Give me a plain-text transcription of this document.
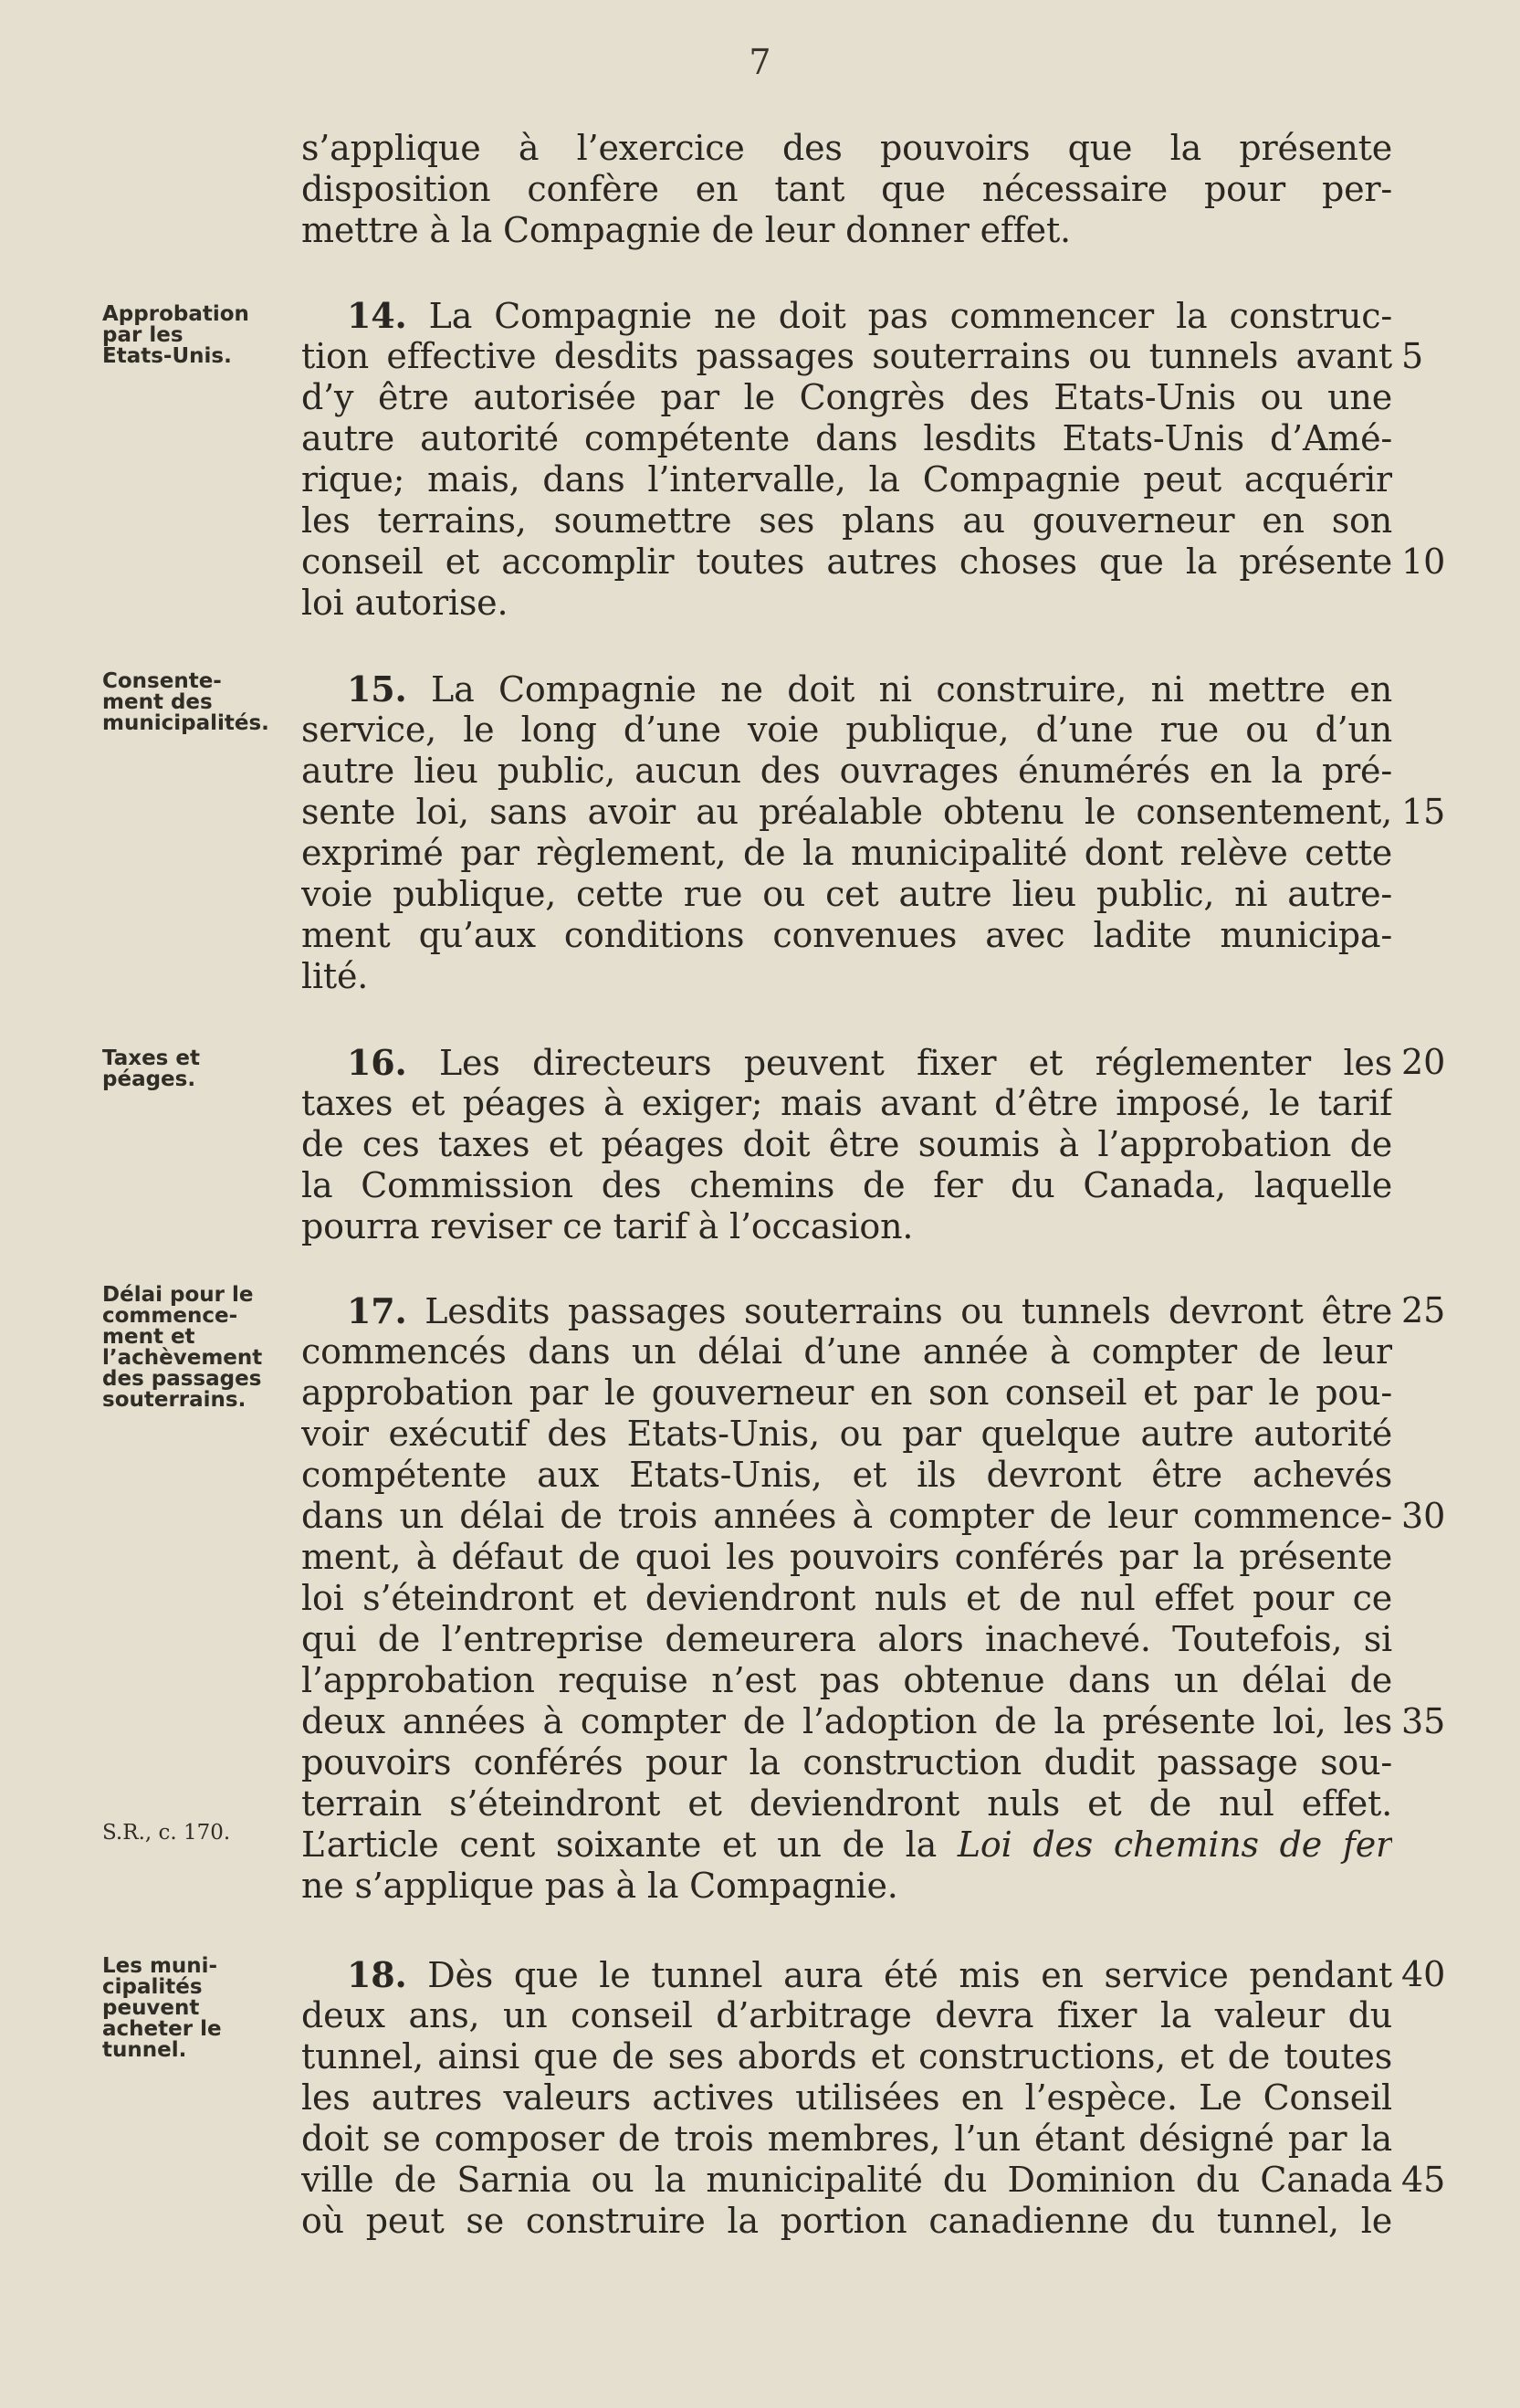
7
s’applique à l’exercice des pouvoirs que la présente
disposition confère en tant que nécessaire pour per-
mettre à la Compagnie de leur donner effet.
Approbation
par les
Etats-Unis.
14. La Compagnie ne doit pas commencer la construc-
tion effective desdits passages souterrains ou tunnels avant
d’y être autorisée par le Congrès des Etats-Unis ou une
autre autorité compétente dans lesdits Etats-Unis d’Amé-
rique; mais, dans l’intervalle, la Compagnie peut acquérir
les terrains, soumettre ses plans au gouverneur en son
conseil et accomplir toutes autres choses que la présente
loi autorise.
Consente-
ment des
municipalités.
15. La Compagnie ne doit ni construire, ni mettre en
service, le long d’une voie publique, d’une rue ou d’un
autre lieu public, aucun des ouvrages énumérés en la pré-
sente loi, sans avoir au préalable obtenu le consentement,
exprimé par règlement, de la municipalité dont relève cette
voie publique, cette rue ou cet autre lieu public, ni autre-
ment qu’aux conditions convenues avec ladite municipa-
lité.
Taxes et
péages.	16. Les directeurs peuvent fixer et réglementer les
taxes et péages à exiger; mais avant d’être imposé, le tarif
de ces taxes et péages doit être soumis à l’approbation de
la Commission des chemins de fer du Canada, laquelle
pourra reviser ce tarif à l’occasion.
Délai pour le
commence-
ment et
l’achèvement
des passages
souterrains.
17. Lesdits passages souterrains ou tunnels devront être
commencés dans un délai d’une année à compter de leur
approbation par le gouverneur en son conseil et par le pou-
voir exécutif des Etats-Unis, ou par quelque autre autorité
compétente aux Etats-Unis, et ils devront être achevés
dans un délai de trois années à compter de leur commence-
ment, à défaut de quoi les pouvoirs conférés par la présente
loi s’éteindront et deviendront nuls et de nul effet pour ce
qui de l’entreprise demeurera alors inachevé. Toutefois, si
l’approbation requise n’est pas obtenue dans un délai de
deux années à compter de l’adoption de la présente loi, les
pouvoirs conférés pour la construction dudit passage sou-
terrain s’éteindront et deviendront nuls et de nul effet.
L’article cent soixante et un de la Loi des chemins de fer
ne s’applique pas à la Compagnie.
S.R., c. 170.
Les muni-
cipalités
peuvent
acheter le
tunnel.
18. Dès que le tunnel aura été mis en service pendant
deux ans, un conseil d’arbitrage devra fixer la valeur du
tunnel, ainsi que de ses abords et constructions, et de toutes
les autres valeurs actives utilisées en l’espèce. Le Conseil
doit se composer de trois membres, l’un étant désigné par la
ville de Sarnia ou la municipalité du Dominion du Canada
où peut se construire la portion canadienne du tunnel, le
5
10
15
20
25
30
35
40
45
